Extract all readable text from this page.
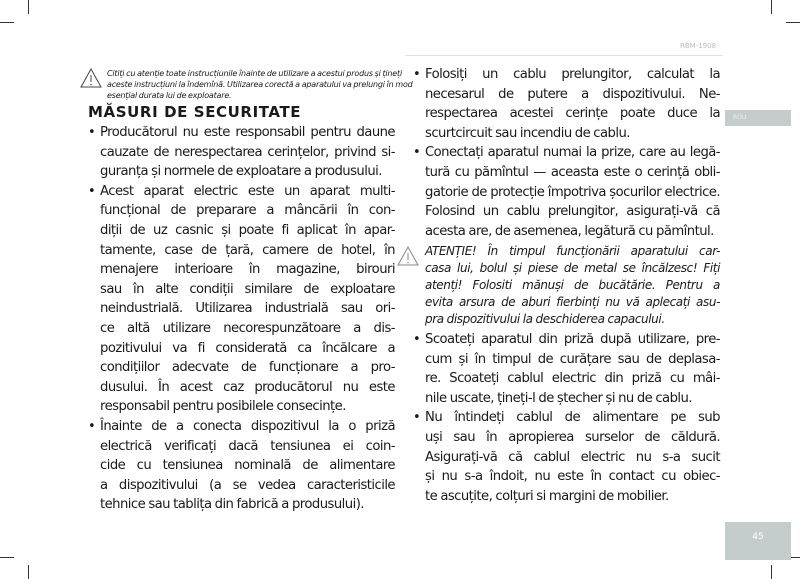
RBM-1908
ROU
Citiți cu atenție toate instrucțiunile înainte de utilizare a acestui produs și țineți
aceste instrucțiuni la îndemînă. Utilizarea corectă a aparatului va prelungi în mod
esențial durata lui de exploatare.
MĂSURI DE SECURITATE
• Producătorul nu este responsabil pentru daune
cauzate de nerespectarea cerințelor, privind si-
guranța și normele de exploatare a produsului.
• Acest aparat electric este un aparat multi-
funcțional de preparare a mâncării în con-
diții de uz casnic și poate fi aplicat în apar-
tamente, case de țară, camere de hotel, în
menajere interioare în magazine, birouri
sau în alte condiții similare de exploatare
neindustrială. Utilizarea industrială sau ori-
ce altă utilizare necorespunzătoare a dis-
pozitivului va fi considerată ca încălcare a
condițiilor adecvate de funcționare a pro-
dusului. În acest caz producătorul nu este
responsabil pentru posibilele consecințe.
• Înainte de a conecta dispozitivul la o priză
electrică verificați dacă tensiunea ei coin-
cide cu tensiunea nominală de alimentare
a dispozitivului (a se vedea caracteristicile
tehnice sau tablița din fabrică a produsului).
• Folosiți un cablu prelungitor, calculat la
necesarul de putere a dispozitivului. Ne-
respectarea acestei cerințe poate duce la
scurtcircuit sau incendiu de cablu.
• Conectați aparatul numai la prize, care au legă-
tură cu pămîntul — aceasta este o cerință obli-
gatorie de protecție împotriva șocurilor electrice.
Folosind un cablu prelungitor, asigurați-vă că
acesta are, de asemenea, legătură cu pămîntul.
ATENȚIE! În timpul funcționării aparatului car-
casa lui, bolul și piese de metal se încălzesc! Fiți
atenți! Folositi mănuși de bucătărie. Pentru a
evita arsura de aburi fierbinți nu vă aplecați asu-
pra dispozitivului la deschiderea capacului.
• Scoateți aparatul din priză după utilizare, pre-
cum și în timpul de curățare sau de deplasa-
re. Scoateți cablul electric din priză cu mâi-
nile uscate, țineți-l de ștecher și nu de cablu.
• Nu întindeți cablul de alimentare pe sub
uși sau în apropierea surselor de căldură.
Asigurați-vă că cablul electric nu s-a sucit
și nu s-a îndoit, nu este în contact cu obiec-
te ascuțite, colțuri si margini de mobilier.
45
